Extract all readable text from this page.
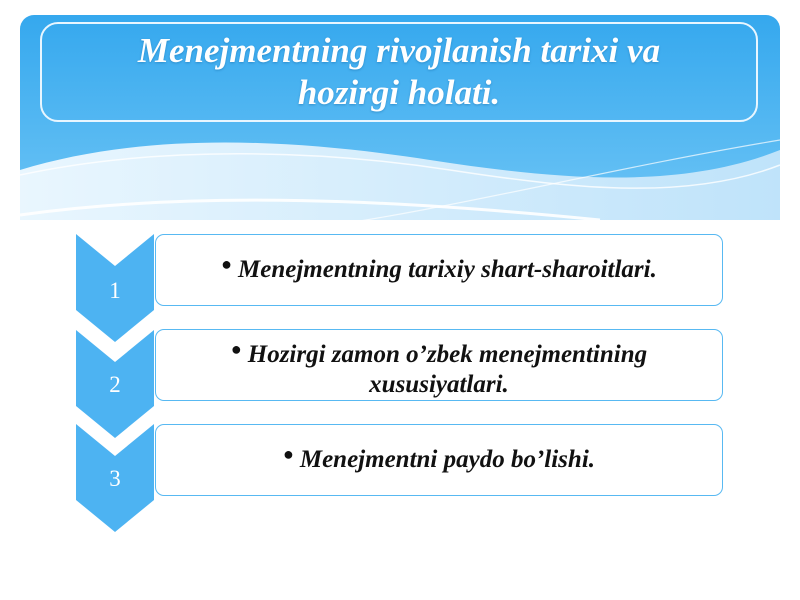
Menejmentning rivojlanish tarixi va
hozirgi holati.

1
2
3

● Menejmentning tarixiy shart-sharoitlari.

● Hozirgi zamon o’zbek menejmentining
xususiyatlari.

● Menejmentni paydo bo’lishi.
